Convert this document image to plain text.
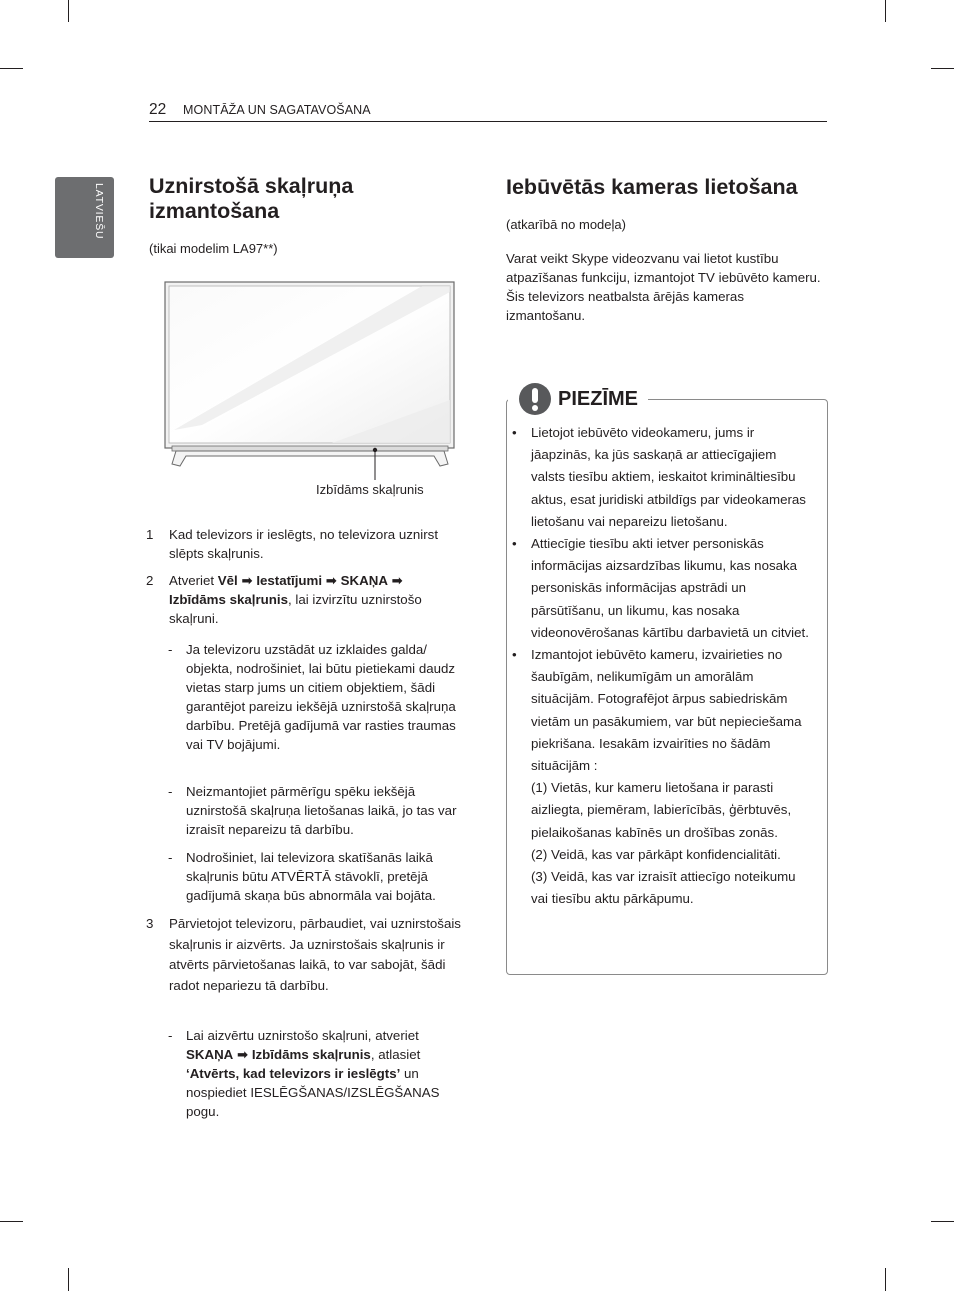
22 MONTĀŽA UN SAGATAVOŠANA
LATVIEŠU Uznirstošā skaļruņa
izmantošana
(tikai modelim LA97**)
Izbīdāms skaļrunis
1 Kad televizors ir ieslēgts, no televizora uznirst slēpts skaļrunis.
2 Atveriet Vēl ➡ Iestatījumi ➡ SKAŅA ➡ Izbīdāms skaļrunis, lai izvirzītu uznirstošo skaļruni.
- Ja televizoru uzstādāt uz izklaides galda/ objekta, nodrošiniet, lai būtu pietiekami daudz vietas starp jums un citiem objektiem, šādi garantējot pareizu iekšējā uznirstošā skaļruņa darbību. Pretējā gadījumā var rasties traumas vai TV bojājumi.
- Neizmantojiet pārmērīgu spēku iekšējā uznirstošā skaļruņa lietošanas laikā, jo tas var izraisīt nepareizu tā darbību.
- Nodrošiniet, lai televizora skatīšanās laikā skaļrunis būtu ATVĒRTĀ stāvoklī, pretējā gadījumā skaņa būs abnormāla vai bojāta.
3 Pārvietojot televizoru, pārbaudiet, vai uznirstošais skaļrunis ir aizvērts. Ja uznirstošais skaļrunis ir atvērts pārvietošanas laikā, to var sabojāt, šādi radot nepariezu tā darbību.
- Lai aizvērtu uznirstošo skaļruni, atveriet SKAŅA ➡ Izbīdāms skaļrunis, atlasiet ‘Atvērts, kad televizors ir ieslēgts’ un nospiediet IESLĒGŠANAS/IZSLĒGŠANAS pogu.
Iebūvētās kameras lietošana
(atkarībā no modeļa)
Varat veikt Skype videozvanu vai lietot kustību atpazīšanas funkciju, izmantojot TV iebūvēto kameru. Šis televizors neatbalsta ārējās kameras izmantošanu.
PIEZĪME
• Lietojot iebūvēto videokameru, jums ir jāapzinās, ka jūs saskaņā ar attiecīgajiem valsts tiesību aktiem, ieskaitot krimināltiesību aktus, esat juridiski atbildīgs par videokameras lietošanu vai nepareizu lietošanu.
• Attiecīgie tiesību akti ietver personiskās informācijas aizsardzības likumu, kas nosaka personiskās informācijas apstrādi un pārsūtīšanu, un likumu, kas nosaka videonovērošanas kārtību darbavietā un citviet.
• Izmantojot iebūvēto kameru, izvairieties no šaubīgām, nelikumīgām un amorālām situācijām. Fotografējot ārpus sabiedriskām vietām un pasākumiem, var būt nepieciešama piekrišana. Iesakām izvairīties no šādām situācijām :
(1) Vietās, kur kameru lietošana ir parasti aizliegta, piemēram, labierīcībās, ģērbtuvēs, pielaikošanas kabīnēs un drošības zonās.
(2) Veidā, kas var pārkāpt konfidencialitāti.
(3) Veidā, kas var izraisīt attiecīgo noteikumu vai tiesību aktu pārkāpumu.
